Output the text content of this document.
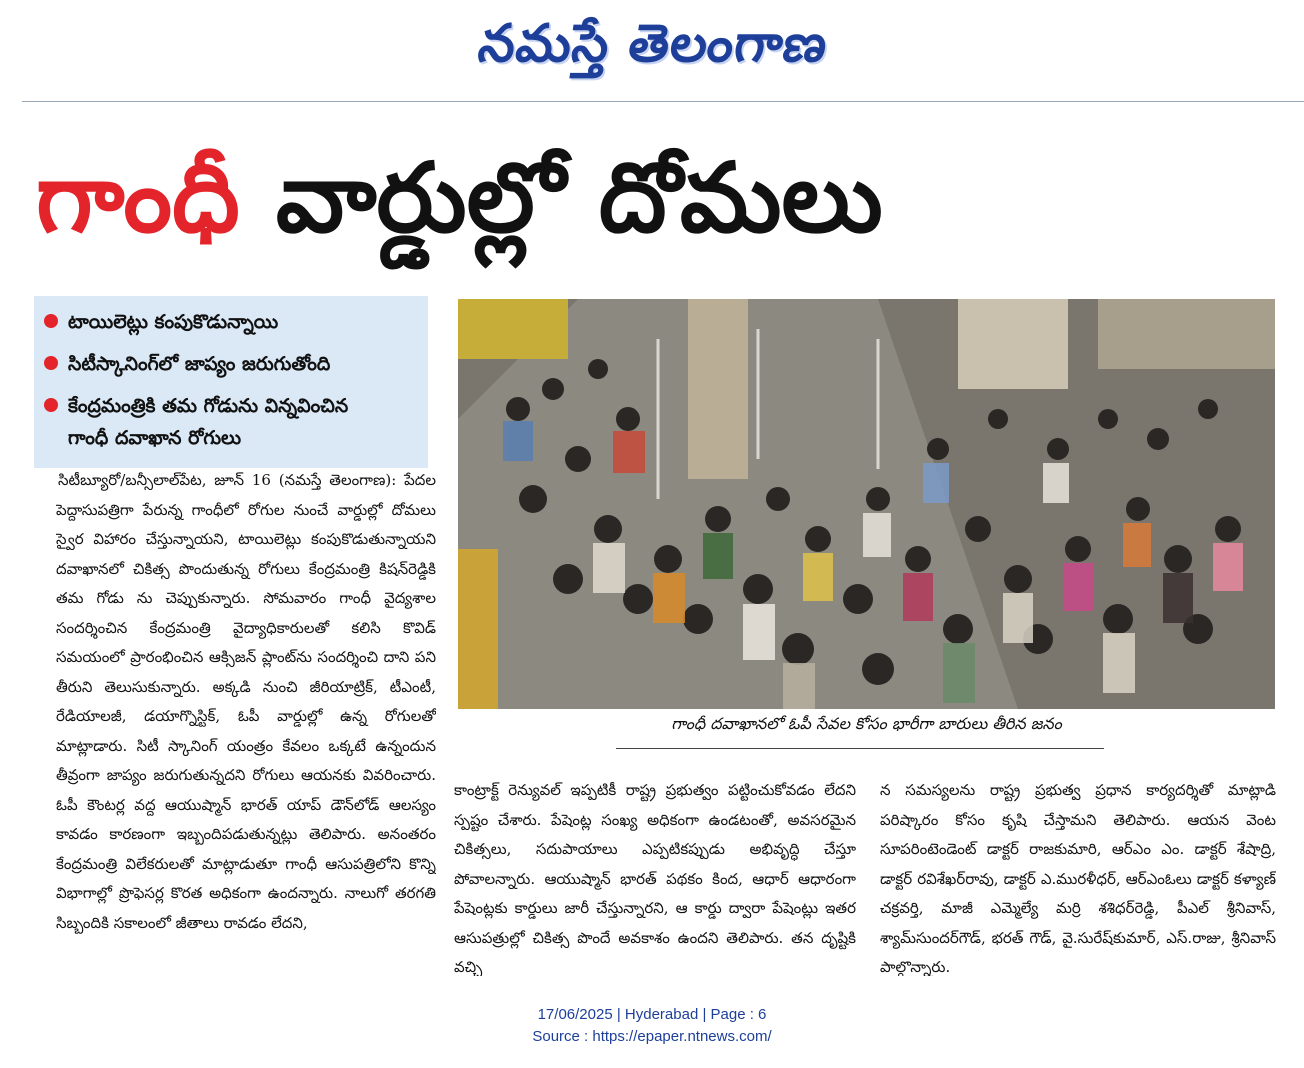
నమస్తే తెలంగాణ
గాంధీ వార్డుల్లో దోమలు
టాయిలెట్లు కంపుకొడున్నాయి
సిటీస్కానింగ్‌లో జాప్యం జరుగుతోంది
కేంద్రమంత్రికి తమ గోడును విన్నవించిన
గాంధీ దవాఖాన రోగులు
సిటీబ్యూరో/బన్సీలాల్‌పేట, జూన్ 16 (నమస్తే తెలంగాణ): పేదల పెద్దాసుపత్రిగా పేరున్న గాంధీలో రోగుల నుంచే వార్డుల్లో దోమలు స్వైర విహారం చేస్తున్నాయని, టాయిలెట్లు కంపుకొడుతున్నాయని దవాఖానలో చికిత్స పొందుతున్న రోగులు కేంద్రమంత్రి కిషన్‌రెడ్డికి తమ గోడు ను చెప్పుకున్నారు. సోమవారం గాంధీ వైద్యశాల సందర్శించిన కేంద్రమంత్రి వైద్యాధికారులతో కలిసి కొవిడ్ సమయంలో ప్రారంభించిన ఆక్సిజన్ ప్లాంట్‌ను సందర్శించి దాని పని తీరుని తెలుసుకున్నారు. అక్కడి నుంచి జీరియాట్రిక్, టీఎంటీ, రేడియాలజీ, డయాగ్నొస్టిక్, ఓపీ వార్డుల్లో ఉన్న రోగులతో మాట్లాడారు. సిటీ స్కానింగ్ యంత్రం కేవలం ఒక్కటే ఉన్నందున తీవ్రంగా జాప్యం జరుగుతున్నదని రోగులు ఆయనకు వివరించారు. ఓపీ కౌంటర్ల వద్ద ఆయుష్మాన్ భారత్ యాప్ డౌన్‌లోడ్ ఆలస్యం కావడం కారణంగా ఇబ్బందిపడుతున్నట్లు తెలిపారు. అనంతరం కేంద్రమంత్రి విలేకరులతో మాట్లాడుతూ గాంధీ ఆసుపత్రిలోని కొన్ని విభాగాల్లో ప్రొఫెసర్ల కొరత అధికంగా ఉందన్నారు. నాలుగో తరగతి సిబ్బందికి సకాలంలో జీతాలు రావడం లేదని,
గాంధీ దవాఖానలో ఓపీ సేవల కోసం భారీగా బారులు తీరిన జనం
కాంట్రాక్ట్ రెన్యువల్ ఇప్పటికీ రాష్ట్ర ప్రభుత్వం పట్టించుకోవడం లేదని స్పష్టం చేశారు. పేషెంట్ల సంఖ్య అధికంగా ఉండటంతో, అవసరమైన చికిత్సలు, సదుపాయాలు ఎప్పటికప్పుడు అభివృద్ధి చేస్తూ పోవాలన్నారు. ఆయుష్మాన్ భారత్ పథకం కింద, ఆధార్ ఆధారంగా పేషెంట్లకు కార్డులు జారీ చేస్తున్నారని, ఆ కార్డు ద్వారా పేషెంట్లు ఇతర ఆసుపత్రుల్లో చికిత్స పొందే అవకాశం ఉందని తెలిపారు. తన దృష్టికి వచ్చి
న సమస్యలను రాష్ట్ర ప్రభుత్వ ప్రధాన కార్యదర్శితో మాట్లాడి పరిష్కారం కోసం కృషి చేస్తామని తెలిపారు. ఆయన వెంట సూపరింటెండెంట్ డాక్టర్ రాజకుమారి, ఆర్ఎం ఎం. డాక్టర్ శేషాద్రి, డాక్టర్ రవిశేఖర్‌రావు, డాక్టర్ ఎ.మురళీధర్, ఆర్ఎంఓలు డాక్టర్ కళ్యాణ్ చక్రవర్తి, మాజీ ఎమ్మెల్యే మర్రి శశిధర్‌రెడ్డి, పీఎల్ శ్రీనివాస్, శ్యామ్‌సుందర్‌గౌడ్, భరత్ గౌడ్, వై.సురేష్‌కుమార్, ఎస్.రాజు, శ్రీనివాస్ పాల్గొన్నారు.
17/06/2025 | Hyderabad | Page : 6
Source : https://epaper.ntnews.com/
